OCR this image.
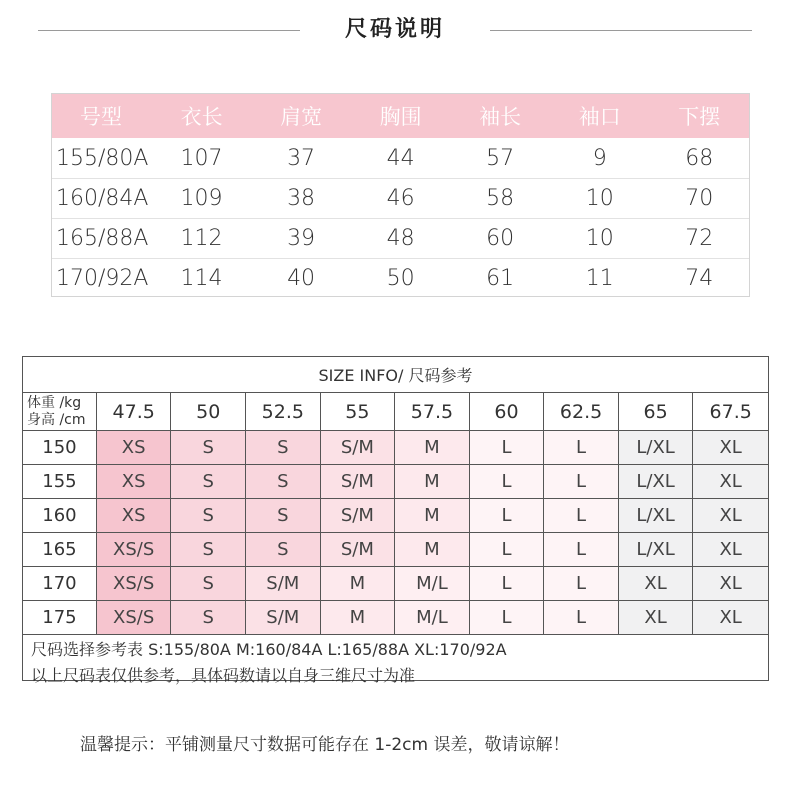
尺码说明
号型	衣长	肩宽	胸围	袖长	袖口	下摆
155/80A	107	37	44	57	9	68
160/84A	109	38	46	58	10	70
165/88A	112	39	48	60	10	72
170/92A	114	40	50	61	11	74
SIZE INFO/ 尺码参考
体重 /kg
身高 /cm	47.5	50	52.5	55	57.5	60	62.5	65	67.5
150	XS	S	S	S/M	M	L	L	L/XL	XL
155	XS	S	S	S/M	M	L	L	L/XL	XL
160	XS	S	S	S/M	M	L	L	L/XL	XL
165	XS/S	S	S	S/M	M	L	L	L/XL	XL
170	XS/S	S	S/M	M	M/L	L	L	XL	XL
175	XS/S	S	S/M	M	M/L	L	L	XL	XL
尺码选择参考表 S:155/80A M:160/84A L:165/88A XL:170/92A
以上尺码表仅供参考，具体码数请以自身三维尺寸为准
温馨提示：平铺测量尺寸数据可能存在 1-2cm 误差，敬请谅解！
